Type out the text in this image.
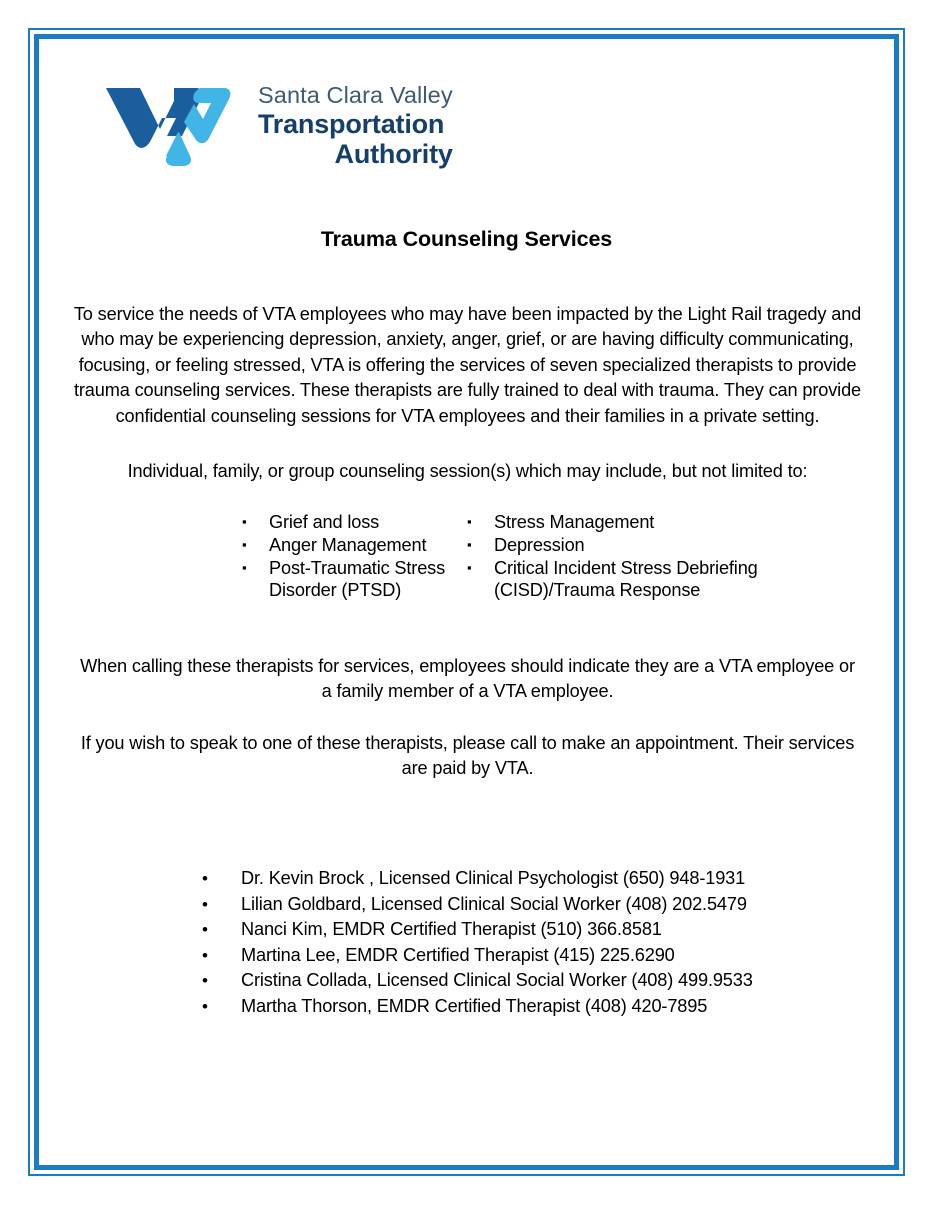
Santa Clara Valley
Transportation
Authority
Trauma Counseling Services
To service the needs of VTA employees who may have been impacted by the Light Rail tragedy and who may be experiencing depression, anxiety, anger, grief, or are having difficulty communicating, focusing, or feeling stressed, VTA is offering the services of seven specialized therapists to provide trauma counseling services. These therapists are fully trained to deal with trauma. They can provide confidential counseling sessions for VTA employees and their families in a private setting.
Individual, family, or group counseling session(s) which may include, but not limited to:
▪	Grief and loss
▪	Anger Management
▪	Post-Traumatic Stress Disorder (PTSD)
▪	Stress Management
▪	Depression
▪	Critical Incident Stress Debriefing (CISD)/Trauma Response
When calling these therapists for services, employees should indicate they are a VTA employee or a family member of a VTA employee.
If you wish to speak to one of these therapists, please call to make an appointment. Their services are paid by VTA.
•	Dr. Kevin Brock , Licensed Clinical Psychologist (650) 948-1931
•	Lilian Goldbard, Licensed Clinical Social Worker (408) 202.5479
•	Nanci Kim, EMDR Certified Therapist (510) 366.8581
•	Martina Lee, EMDR Certified Therapist (415) 225.6290
•	Cristina Collada, Licensed Clinical Social Worker (408) 499.9533
•	Martha Thorson, EMDR Certified Therapist (408) 420-7895
